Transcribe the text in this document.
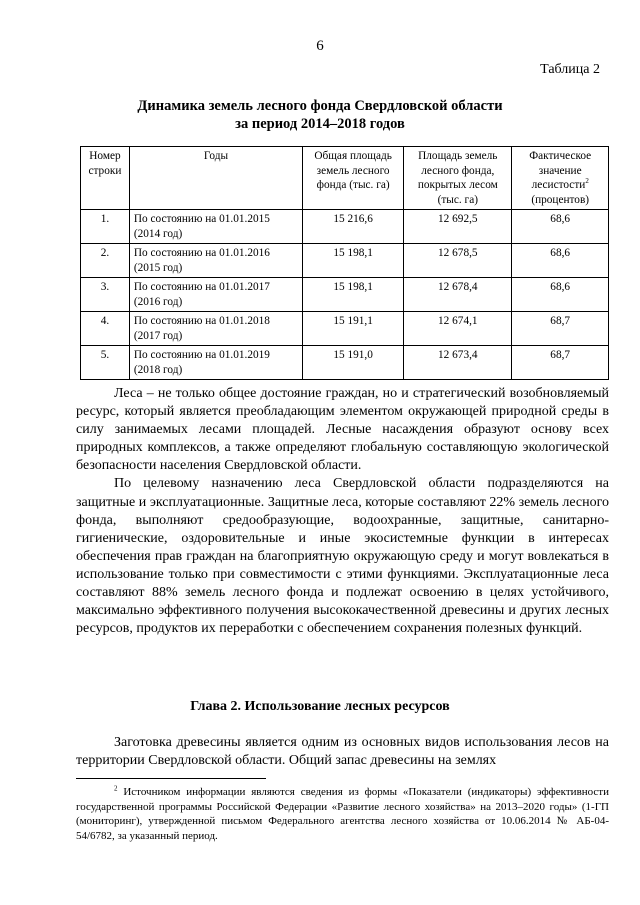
6
Таблица 2
Динамика земель лесного фонда Свердловской области
за период 2014–2018 годов
Номер строки	Годы	Общая площадь земель лесного фонда (тыс. га)	Площадь земель лесного фонда, покрытых лесом (тыс. га)	Фактическое значение лесистости$^2$ (процентов)
1.	По состоянию на 01.01.2015 (2014 год)	15 216,6	12 692,5	68,6
2.	По состоянию на 01.01.2016 (2015 год)	15 198,1	12 678,5	68,6
3.	По состоянию на 01.01.2017 (2016 год)	15 198,1	12 678,4	68,6
4.	По состоянию на 01.01.2018 (2017 год)	15 191,1	12 674,1	68,7
5.	По состоянию на 01.01.2019 (2018 год)	15 191,0	12 673,4	68,7

Леса – не только общее достояние граждан, но и стратегический возобновляемый ресурс, который является преобладающим элементом окружающей природной среды в силу занимаемых лесами площадей. Лесные насаждения образуют основу всех природных комплексов, а также определяют глобальную составляющую экологической безопасности населения Свердловской области.

По целевому назначению леса Свердловской области подразделяются на защитные и эксплуатационные. Защитные леса, которые составляют 22% земель лесного фонда, выполняют средообразующие, водоохранные, защитные, санитарно-гигиенические, оздоровительные и иные экосистемные функции в интересах обеспечения прав граждан на благоприятную окружающую среду и могут вовлекаться в использование только при совместимости с этими функциями. Эксплуатационные леса составляют 88% земель лесного фонда и подлежат освоению в целях устойчивого, максимально эффективного получения высококачественной древесины и других лесных ресурсов, продуктов их переработки с обеспечением сохранения полезных функций.

Глава 2. Использование лесных ресурсов

Заготовка древесины является одним из основных видов использования лесов на территории Свердловской области. Общий запас древесины на землях

$^2$ Источником информации являются сведения из формы «Показатели (индикаторы) эффективности государственной программы Российской Федерации «Развитие лесного хозяйства» на 2013–2020 годы» (1-ГП (мониторинг), утвержденной письмом Федерального агентства лесного хозяйства от 10.06.2014 № АБ-04-54/6782, за указанный период.
